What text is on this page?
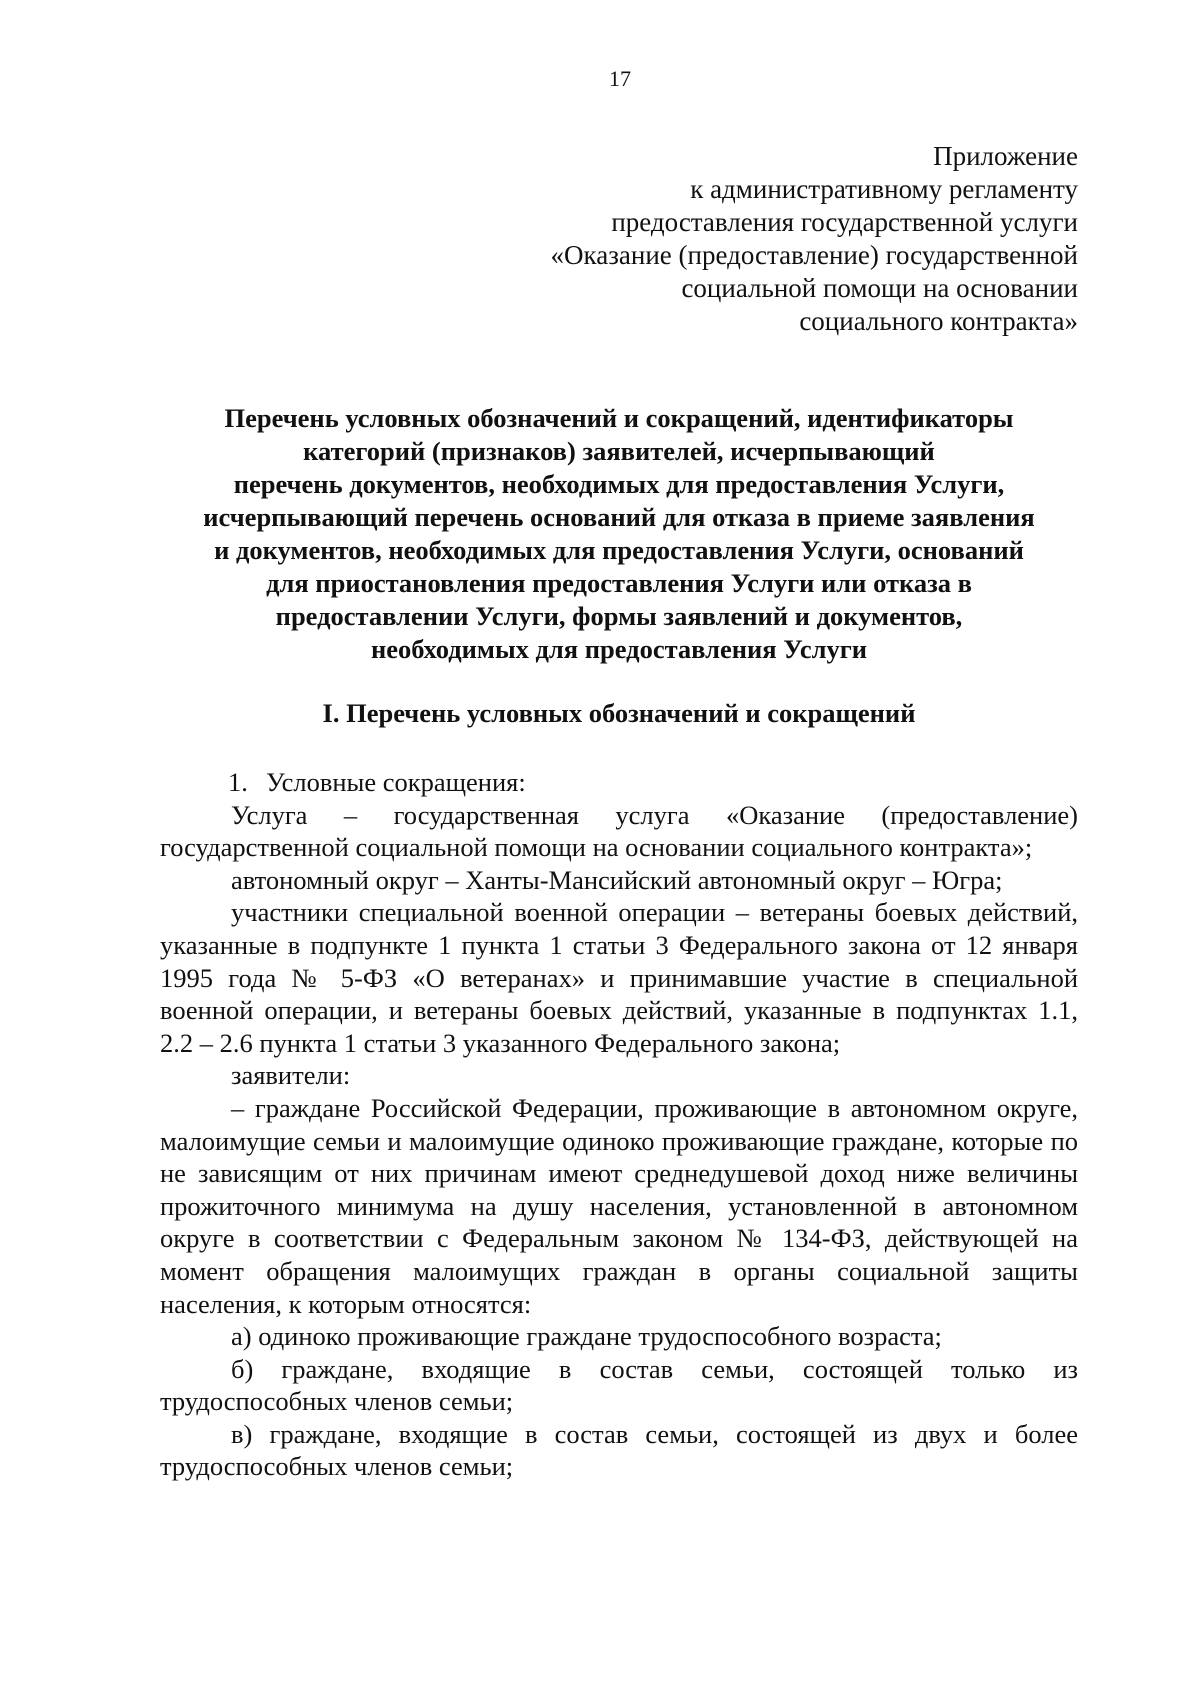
17
Приложение
к административному регламенту
предоставления государственной услуги
«Оказание (предоставление) государственной
социальной помощи на основании
социального контракта»
Перечень условных обозначений и сокращений, идентификаторы
категорий (признаков) заявителей, исчерпывающий
перечень документов, необходимых для предоставления Услуги,
исчерпывающий перечень оснований для отказа в приеме заявления
и документов, необходимых для предоставления Услуги, оснований
для приостановления предоставления Услуги или отказа в
предоставлении Услуги, формы заявлений и документов,
необходимых для предоставления Услуги
I. Перечень условных обозначений и сокращений
1. Условные сокращения:
Услуга – государственная услуга «Оказание (предоставление) государственной социальной помощи на основании социального контракта»;
автономный округ – Ханты-Мансийский автономный округ – Югра;
участники специальной военной операции – ветераны боевых действий, указанные в подпункте 1 пункта 1 статьи 3 Федерального закона от 12 января 1995 года № 5-ФЗ «О ветеранах» и принимавшие участие в специальной военной операции, и ветераны боевых действий, указанные в подпунктах 1.1, 2.2 – 2.6 пункта 1 статьи 3 указанного Федерального закона;
заявители:
– граждане Российской Федерации, проживающие в автономном округе, малоимущие семьи и малоимущие одиноко проживающие граждане, которые по не зависящим от них причинам имеют среднедушевой доход ниже величины прожиточного минимума на душу населения, установленной в автономном округе в соответствии с Федеральным законом № 134-ФЗ, действующей на момент обращения малоимущих граждан в органы социальной защиты населения, к которым относятся:
а) одиноко проживающие граждане трудоспособного возраста;
б) граждане, входящие в состав семьи, состоящей только из трудоспособных членов семьи;
в) граждане, входящие в состав семьи, состоящей из двух и более трудоспособных членов семьи;
